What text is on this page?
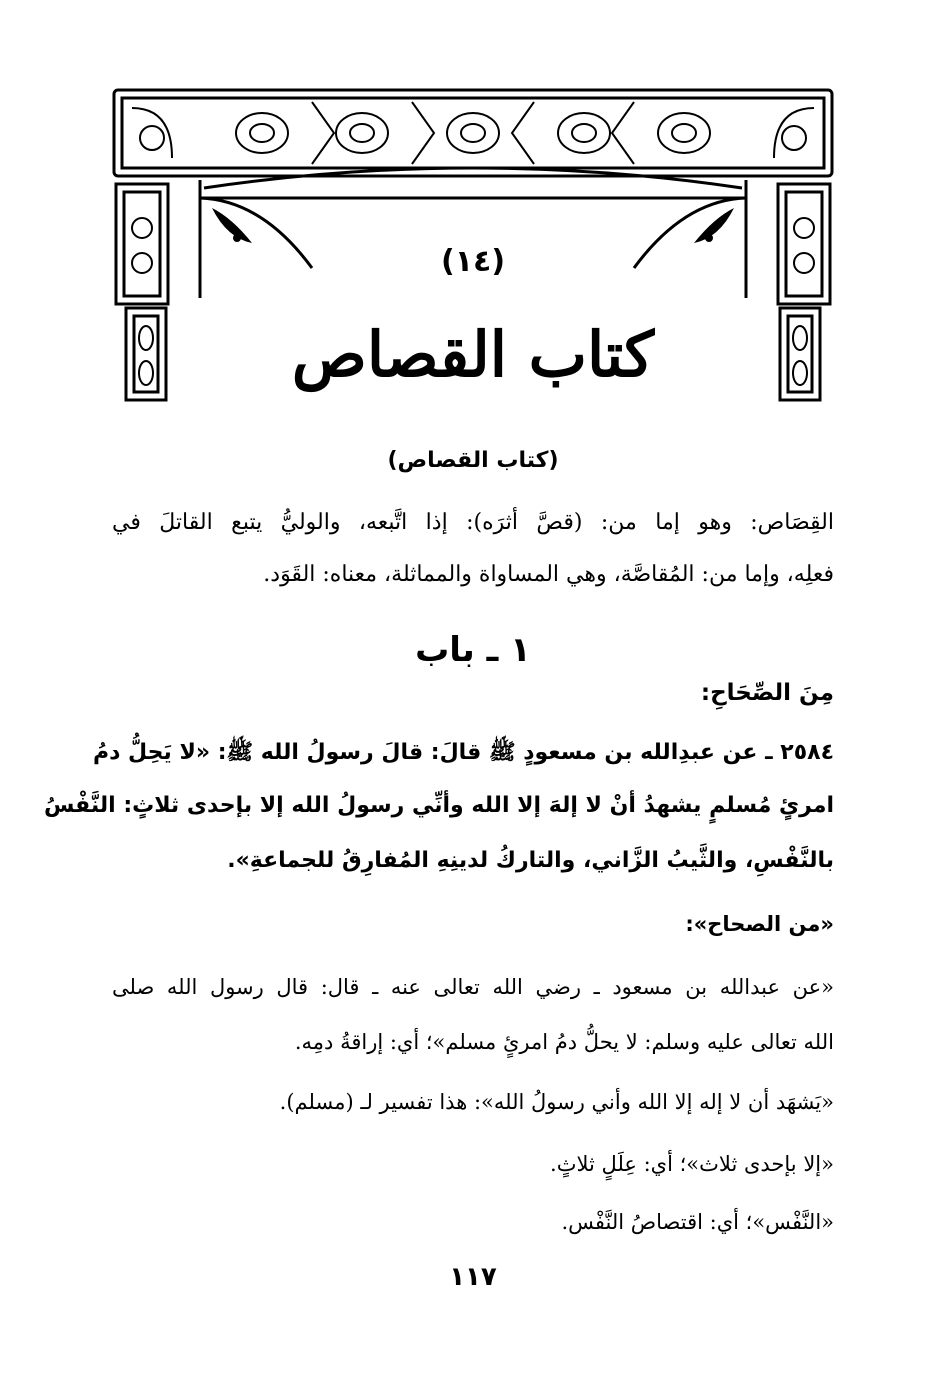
(١٤)
كتاب القصاص
(كتاب القصاص)
القِصَاص: وهو إما من: (قصَّ أثرَه): إذا اتَّبعه، والوليُّ يتبع القاتلَ في
فعلِه، وإما من: المُقاصَّة، وهي المساواة والمماثلة، معناه: القَوَد.
١ ـ باب
مِنَ الصِّحَاحِ:
٢٥٨٤ ـ عن عبدِالله بن مسعودٍ ﷺ قالَ: قالَ رسولُ الله ﷺ: «لا يَحِلُّ دمُ
امرئٍ مُسلمٍ يشهدُ أنْ لا إلهَ إلا الله وأنِّي رسولُ الله إلا بإحدى ثلاثٍ: النَّفْسُ
بالنَّفْسِ، والثَّيبُ الزَّاني، والتاركُ لدينِهِ المُفارِقُ للجماعةِ».
«من الصحاح»:
«عن عبدالله بن مسعود ـ رضي الله تعالى عنه ـ قال: قال رسول الله صلى
الله تعالى عليه وسلم: لا يحلُّ دمُ امرئٍ مسلم»؛ أي: إراقةُ دمِه.
«يَشهَد أن لا إله إلا الله وأني رسولُ الله»: هذا تفسير لـ (مسلم).
«إلا بإحدى ثلاث»؛ أي: عِلَلٍ ثلاثٍ.
«النَّفْس»؛ أي: اقتصاصُ النَّفْس.
١١٧
